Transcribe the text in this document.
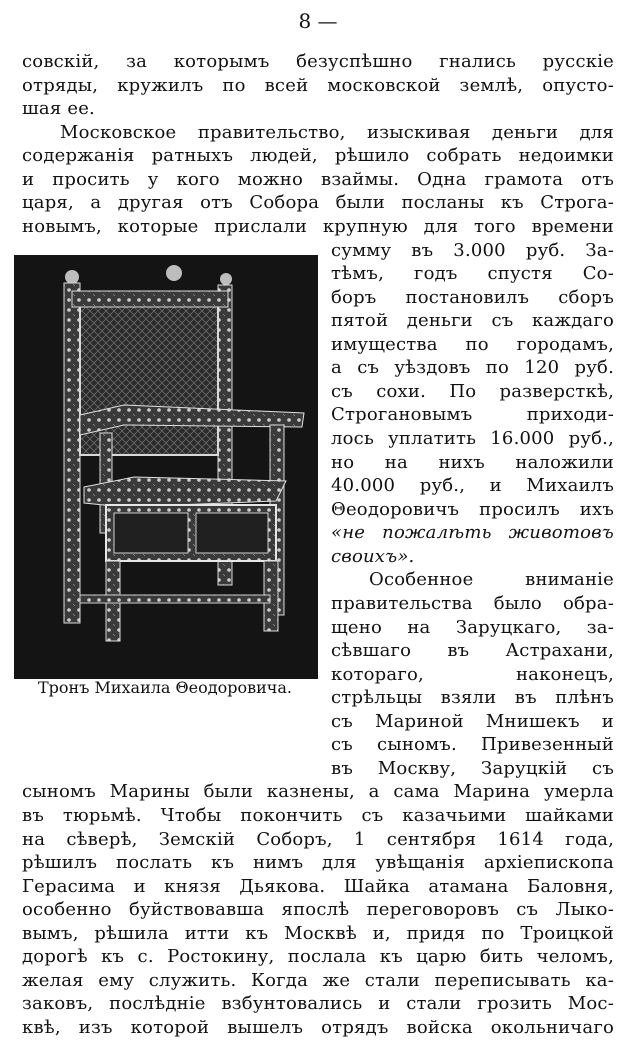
8 —
совскій, за которымъ безуспѣшно гнались русскіе
отряды, кружилъ по всей московской землѣ, опусто-
шая ее.
Московское правительство, изыскивая деньги для
содержанія ратныхъ людей, рѣшило собрать недоимки
и просить у кого можно взаймы. Одна грамота отъ
царя, а другая отъ Собора были посланы къ Строга-
новымъ, которые прислали крупную для того времени
сумму въ 3.000 руб. За-
тѣмъ, годъ спустя Со-
боръ постановилъ сборъ
пятой деньги съ каждаго
имущества по городамъ,
а съ уѣздовъ по 120 руб.
съ сохи. По разверсткѣ,
Строгановымъ приходи-
лось уплатить 16.000 руб.,
но на нихъ наложили
40.000 руб., и Михаилъ
Θеодоровичъ просилъ ихъ
«не пожалѣть животовъ
своихъ».
Особенное вниманіе
правительства было обра-
щено на Заруцкаго, за-
сѣвшаго въ Астрахани,
котораго, наконецъ,
стрѣльцы взяли въ плѣнъ
съ Мариной Мнишекъ и
съ сыномъ. Привезенный
въ Москву, Заруцкій съ
сыномъ Марины были казнены, а сама Марина умерла
въ тюрьмѣ. Чтобы покончить съ казачьими шайками
на сѣверѣ, Земскій Соборъ, 1 сентября 1614 года,
рѣшилъ послать къ нимъ для увѣщанія архіепископа
Герасима и князя Дьякова. Шайка атамана Баловня,
особенно буйствовавша япослѣ переговоровъ съ Лыко-
вымъ, рѣшила итти къ Москвѣ и, придя по Троицкой
дорогѣ къ с. Ростокину, послала къ царю бить челомъ,
желая ему служить. Когда же стали переписывать ка-
заковъ, послѣдніе взбунтовались и стали грозить Мос-
квѣ, изъ которой вышелъ отрядъ войска окольничаго
Тронъ Михаила Θеодоровича.
